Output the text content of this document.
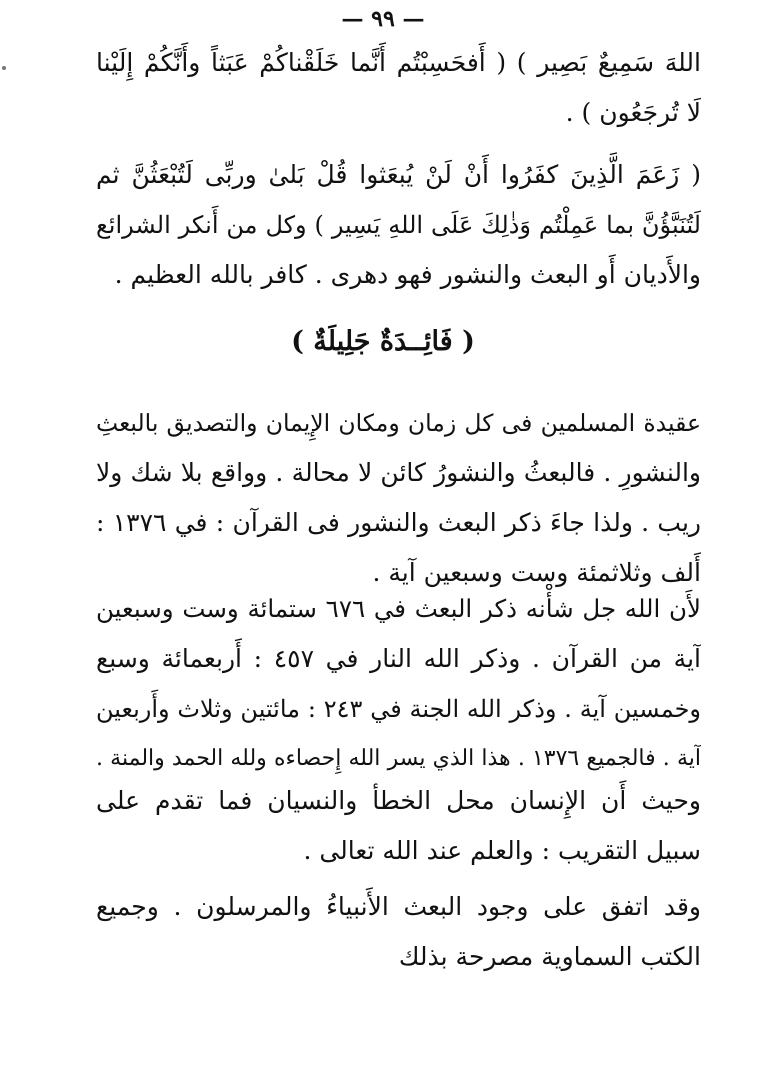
— ٩٩ —
اللهَ سَمِيعٌ بَصِير ) ( أَفحَسِبْتُم أَنَّما خَلَقْناكُمْ عَبَثاً وأَنَّكُمْ إِلَيْنا
لَا تُرجَعُون ) .
( زَعَمَ الَّذِينَ كفَرُوا أَنْ لَنْ يُبعَثوا قُلْ بَلىٰ وربِّى لَتُبْعَثُنَّ ثم
لَتُنَبَّؤُنَّ بما عَمِلْتُم وَذٰلِكَ عَلَى اللهِ يَسِير ) وكل من أَنكر الشرائع
والأَديان أَو البعث والنشور فهو دهرى . كافر بالله العظيم .
( فَائِــدَةٌ جَلِيلَةٌ )
عقيدة المسلمين فى كل زمان ومكان الإِيمان والتصديق بالبعثِ
والنشورِ . فالبعثُ والنشورُ كائن لا محالة . وواقع بلا شك ولا
ريب . ولذا جاءَ ذكر البعث والنشور فى القرآن : في ١٣٧٦ :
أَلف وثلاثمئة وست وسبعين آية .
لأَن الله جل شأْنه ذكر البعث في ٦٧٦ ستمائة وست وسبعين
آية من القرآن . وذكر الله النار في ٤٥٧ : أَربعمائة وسبع
وخمسين آية . وذكر الله الجنة في ٢٤٣ : مائتين وثلاث وأَربعين
آية . فالجميع ١٣٧٦ . هذا الذي يسر الله إِحصاءه ولله الحمد والمنة .
وحيث أَن الإِنسان محل الخطأ والنسيان فما تقدم على
سبيل التقريب : والعلم عند الله تعالى .
وقد اتفق على وجود البعث الأَنبياءُ والمرسلون . وجميع
الكتب السماوية مصرحة بذلك
